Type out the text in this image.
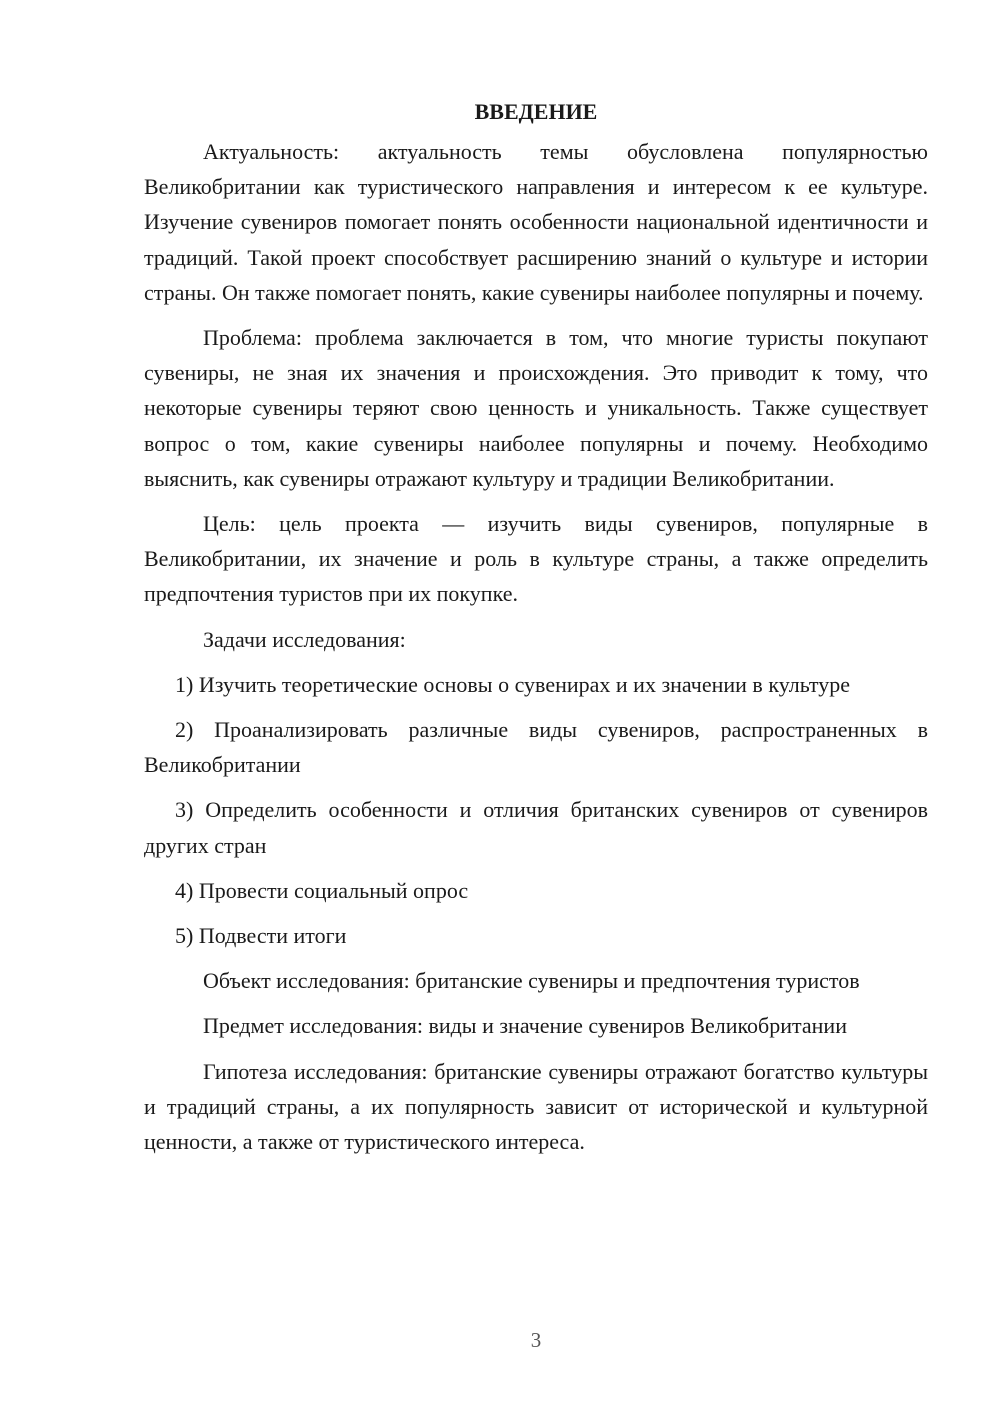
ВВЕДЕНИЕ

Актуальность: актуальность темы обусловлена популярностью Великобритании как туристического направления и интересом к ее культуре. Изучение сувениров помогает понять особенности национальной идентичности и традиций. Такой проект способствует расширению знаний о культуре и истории страны. Он также помогает понять, какие сувениры наиболее популярны и почему.

Проблема: проблема заключается в том, что многие туристы покупают сувениры, не зная их значения и происхождения. Это приводит к тому, что некоторые сувениры теряют свою ценность и уникальность. Также существует вопрос о том, какие сувениры наиболее популярны и почему. Необходимо выяснить, как сувениры отражают культуру и традиции Великобритании.

Цель: цель проекта — изучить виды сувениров, популярные в Великобритании, их значение и роль в культуре страны, а также определить предпочтения туристов при их покупке.

Задачи исследования:

1) Изучить теоретические основы о сувенирах и их значении в культуре

2) Проанализировать различные виды сувениров, распространенных в Великобритании

3) Определить особенности и отличия британских сувениров от сувениров других стран

4) Провести социальный опрос

5) Подвести итоги

Объект исследования: британские сувениры и предпочтения туристов

Предмет исследования: виды и значение сувениров Великобритании

Гипотеза исследования: британские сувениры отражают богатство культуры и традиций страны, а их популярность зависит от исторической и культурной ценности, а также от туристического интереса.

3
